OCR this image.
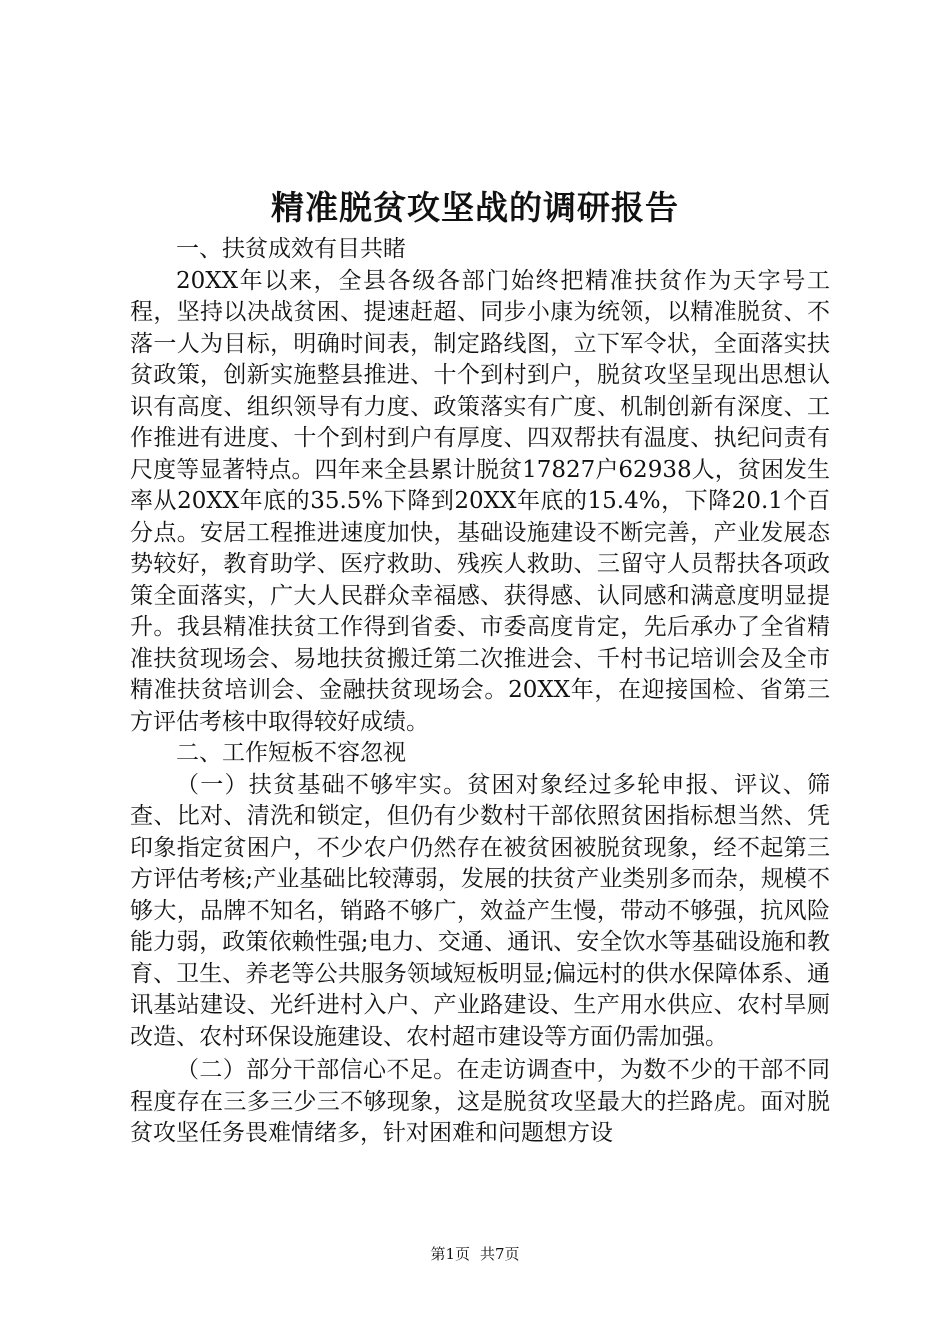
精准脱贫攻坚战的调研报告

一、扶贫成效有目共睹

20XX年以来，全县各级各部门始终把精准扶贫作为天字号工程，坚持以决战贫困、提速赶超、同步小康为统领，以精准脱贫、不落一人为目标，明确时间表，制定路线图，立下军令状，全面落实扶贫政策，创新实施整县推进、十个到村到户，脱贫攻坚呈现出思想认识有高度、组织领导有力度、政策落实有广度、机制创新有深度、工作推进有进度、十个到村到户有厚度、四双帮扶有温度、执纪问责有尺度等显著特点。四年来全县累计脱贫17827户62938人，贫困发生率从20XX年底的35.5%下降到20XX年底的15.4%，下降20.1个百分点。安居工程推进速度加快，基础设施建设不断完善，产业发展态势较好，教育助学、医疗救助、残疾人救助、三留守人员帮扶各项政策全面落实，广大人民群众幸福感、获得感、认同感和满意度明显提升。我县精准扶贫工作得到省委、市委高度肯定，先后承办了全省精准扶贫现场会、易地扶贫搬迁第二次推进会、千村书记培训会及全市精准扶贫培训会、金融扶贫现场会。20XX年，在迎接国检、省第三方评估考核中取得较好成绩。

二、工作短板不容忽视

（一）扶贫基础不够牢实。贫困对象经过多轮申报、评议、筛查、比对、清洗和锁定，但仍有少数村干部依照贫困指标想当然、凭印象指定贫困户，不少农户仍然存在被贫困被脱贫现象，经不起第三方评估考核;产业基础比较薄弱，发展的扶贫产业类别多而杂，规模不够大，品牌不知名，销路不够广，效益产生慢，带动不够强，抗风险能力弱，政策依赖性强;电力、交通、通讯、安全饮水等基础设施和教育、卫生、养老等公共服务领域短板明显;偏远村的供水保障体系、通讯基站建设、光纤进村入户、产业路建设、生产用水供应、农村旱厕改造、农村环保设施建设、农村超市建设等方面仍需加强。

（二）部分干部信心不足。在走访调查中，为数不少的干部不同程度存在三多三少三不够现象，这是脱贫攻坚最大的拦路虎。面对脱贫攻坚任务畏难情绪多，针对困难和问题想方设

第1页 共7页
